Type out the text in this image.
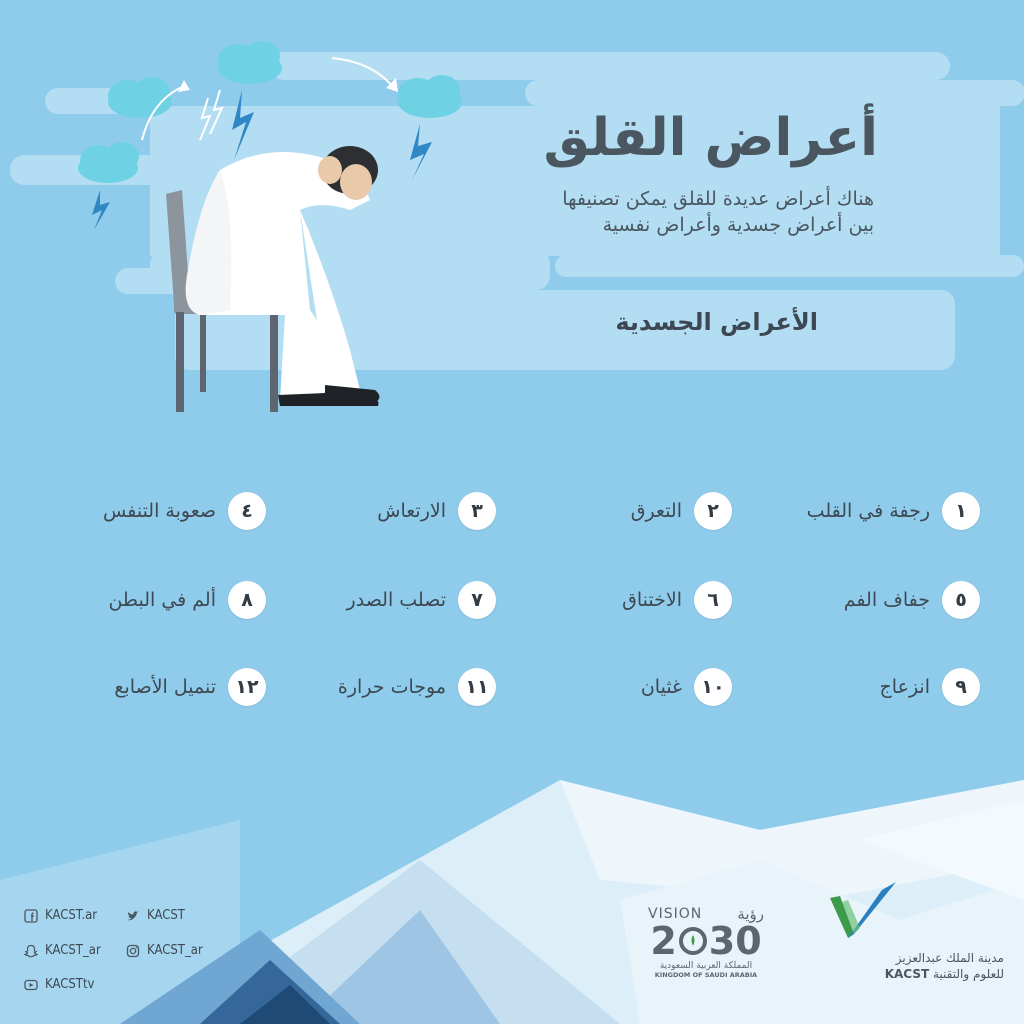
أعراض القلق
هناك أعراض عديدة للقلق يمكن تصنيفها
بين أعراض جسدية وأعراض نفسية
الأعراض الجسدية
١
رجفة في القلب
٢
التعرق
٣
الارتعاش
٤
صعوبة التنفس
٥
جفاف الفم
٦
الاختناق
٧
تصلب الصدر
٨
ألم في البطن
٩
انزعاج
١٠
غثيان
١١
موجات حرارة
١٢
تنميل الأصابع
KACST.ar	KACST
KACST_ar	KACST_ar
KACSTtv
VISION رؤية
2 30
المملكة العربية السعودية
KINGDOM OF SAUDI ARABIA
مدينة الملك عبدالعزيز
للعلوم والتقنية KACST
